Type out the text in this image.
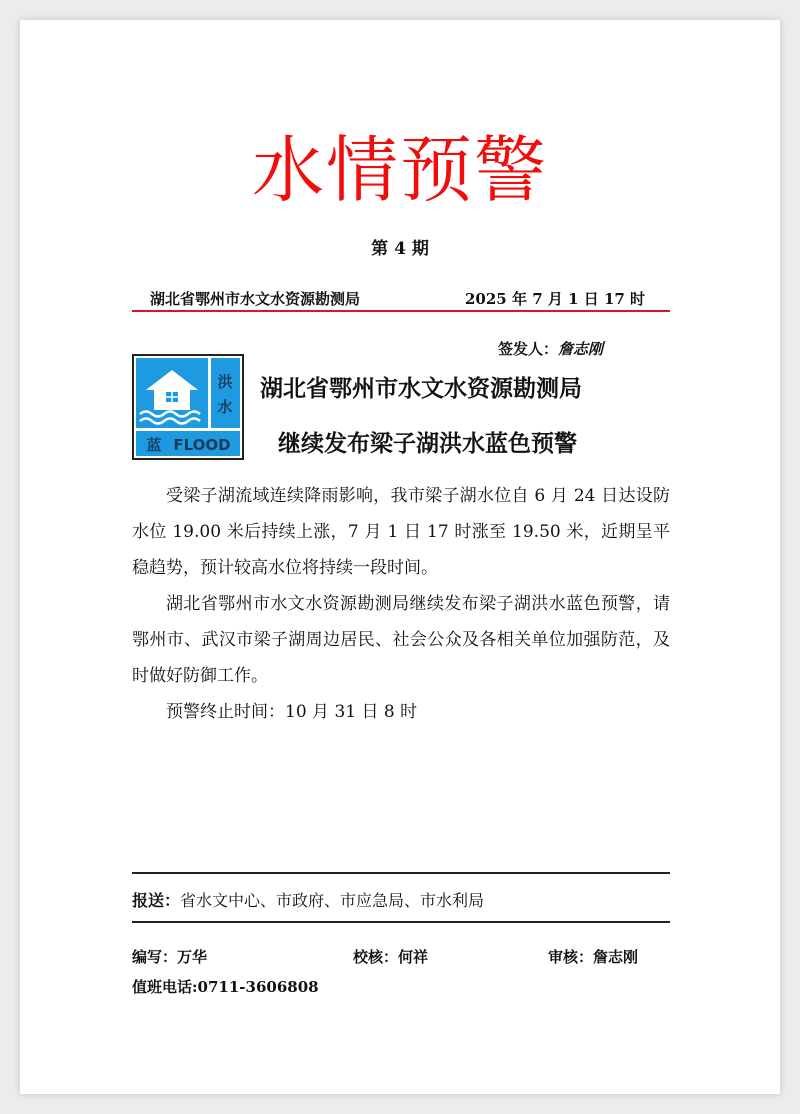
水情预警
第 4 期
湖北省鄂州市水文水资源勘测局	2025 年 7 月 1 日 17 时
签发人：詹志刚
洪
水
蓝 FLOOD
湖北省鄂州市水文水资源勘测局
继续发布梁子湖洪水蓝色预警

受梁子湖流域连续降雨影响，我市梁子湖水位自 6 月 24 日达设防水位 19.00 米后持续上涨，7 月 1 日 17 时涨至 19.50 米，近期呈平稳趋势，预计较高水位将持续一段时间。

湖北省鄂州市水文水资源勘测局继续发布梁子湖洪水蓝色预警，请鄂州市、武汉市梁子湖周边居民、社会公众及各相关单位加强防范，及时做好防御工作。

预警终止时间：10 月 31 日 8 时

报送：省水文中心、市政府、市应急局、市水利局
编写：万华	校核：何祥	审核：詹志刚
值班电话:0711-3606808
